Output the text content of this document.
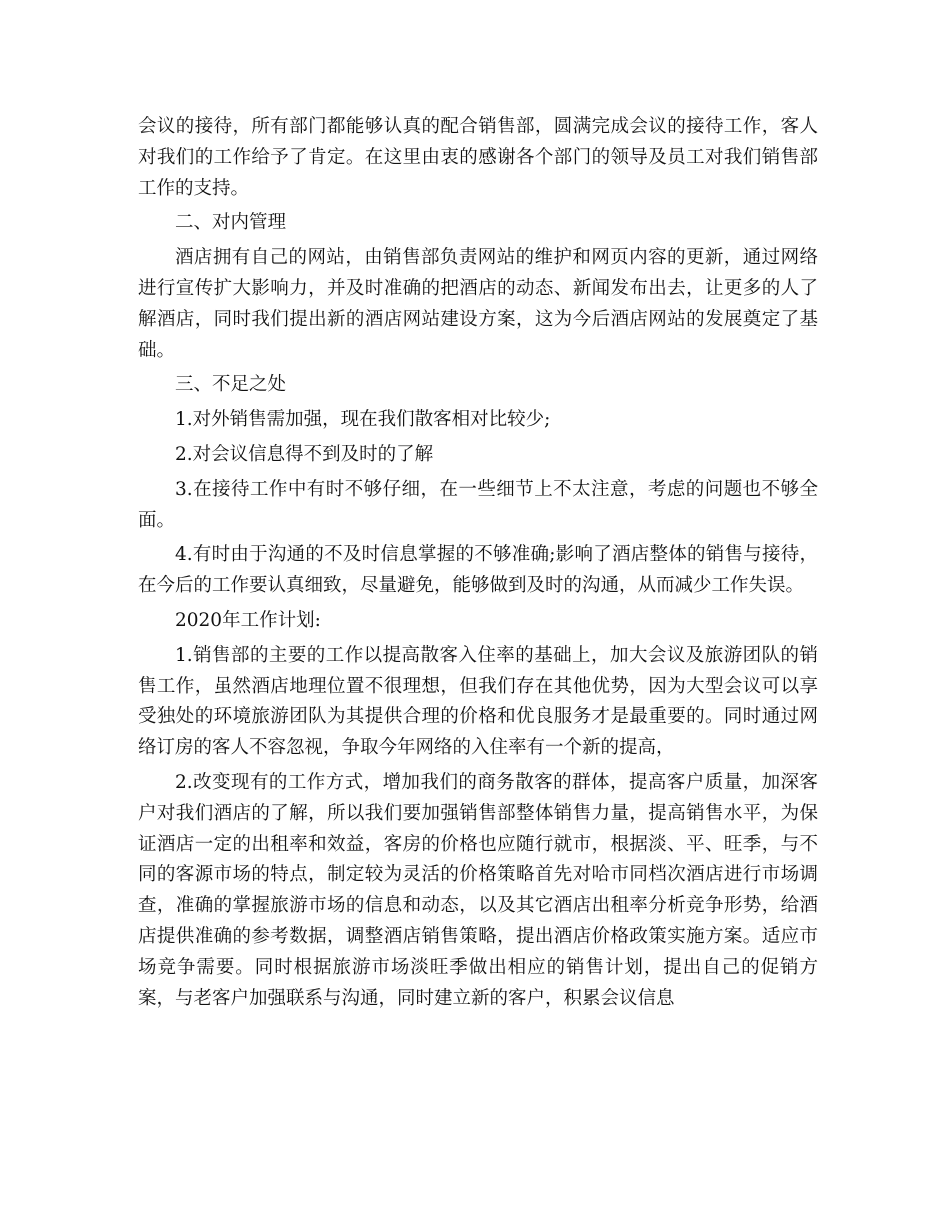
会议的接待，所有部门都能够认真的配合销售部，圆满完成会议的接待工作，客人对我们的工作给予了肯定。在这里由衷的感谢各个部门的领导及员工对我们销售部工作的支持。

二、对内管理

酒店拥有自己的网站，由销售部负责网站的维护和网页内容的更新，通过网络进行宣传扩大影响力，并及时准确的把酒店的动态、新闻发布出去，让更多的人了解酒店，同时我们提出新的酒店网站建设方案，这为今后酒店网站的发展奠定了基础。

三、不足之处

1.对外销售需加强，现在我们散客相对比较少;

2.对会议信息得不到及时的了解

3.在接待工作中有时不够仔细，在一些细节上不太注意，考虑的问题也不够全面。

4.有时由于沟通的不及时信息掌握的不够准确;影响了酒店整体的销售与接待，在今后的工作要认真细致，尽量避免，能够做到及时的沟通，从而减少工作失误。

2020年工作计划:

1.销售部的主要的工作以提高散客入住率的基础上，加大会议及旅游团队的销售工作，虽然酒店地理位置不很理想，但我们存在其他优势，因为大型会议可以享受独处的环境旅游团队为其提供合理的价格和优良服务才是最重要的。同时通过网络订房的客人不容忽视，争取今年网络的入住率有一个新的提高，

2.改变现有的工作方式，增加我们的商务散客的群体，提高客户质量，加深客户对我们酒店的了解，所以我们要加强销售部整体销售力量，提高销售水平，为保证酒店一定的出租率和效益，客房的价格也应随行就市，根据淡、平、旺季，与不同的客源市场的特点，制定较为灵活的价格策略首先对哈市同档次酒店进行市场调查，准确的掌握旅游市场的信息和动态，以及其它酒店出租率分析竞争形势，给酒店提供准确的参考数据，调整酒店销售策略，提出酒店价格政策实施方案。适应市场竞争需要。同时根据旅游市场淡旺季做出相应的销售计划，提出自己的促销方案，与老客户加强联系与沟通，同时建立新的客户，积累会议信息
